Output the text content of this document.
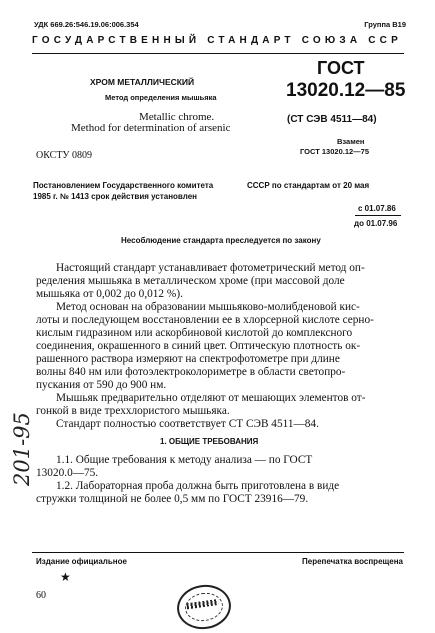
УДК 669.26:546.19.06:006.354	Группа В19
ГОСУДАРСТВЕННЫЙ СТАНДАРТ СОЮЗА ССР
ХРОМ МЕТАЛЛИЧЕСКИЙ
Метод определения мышьяка
Metallic chrome.
Method for determination of arsenic
ГОСТ
13020.12—85
(СТ СЭВ 4511—84)
Взамен
ГОСТ 13020.12—75
ОКСТУ 0809
Постановлением Государственного комитета	СССР по стандартам от 20 мая
1985 г. № 1413 срок действия установлен
с 01.07.86
до 01.07.96
Несоблюдение стандарта преследуется по закону
Настоящий стандарт устанавливает фотометрический метод оп-
ределения мышьяка в металлическом хроме (при массовой доле
мышьяка от 0,002 до 0,012 %).
Метод основан на образовании мышьяково-молибденовой кис-
лоты и последующем восстановлении ее в хлорсерной кислоте серно-
кислым гидразином или аскорбиновой кислотой до комплексного
соединения, окрашенного в синий цвет. Оптическую плотность ок-
рашенного раствора измеряют на спектрофотометре при длине
волны 840 нм или фотоэлектроколориметре в области светопро-
пускания от 590 до 900 нм.
Мышьяк предварительно отделяют от мешающих элементов от-
гонкой в виде треххлористого мышьяка.
Стандарт полностью соответствует СТ СЭВ 4511—84.
1. ОБЩИЕ ТРЕБОВАНИЯ
1.1. Общие требования к методу анализа — по ГОСТ
13020.0—75.
1.2. Лабораторная проба должна быть приготовлена в виде
стружки толщиной не более 0,5 мм по ГОСТ 23916—79.
201-95
Издание официальное	Перепечатка воспрещена
★
60
